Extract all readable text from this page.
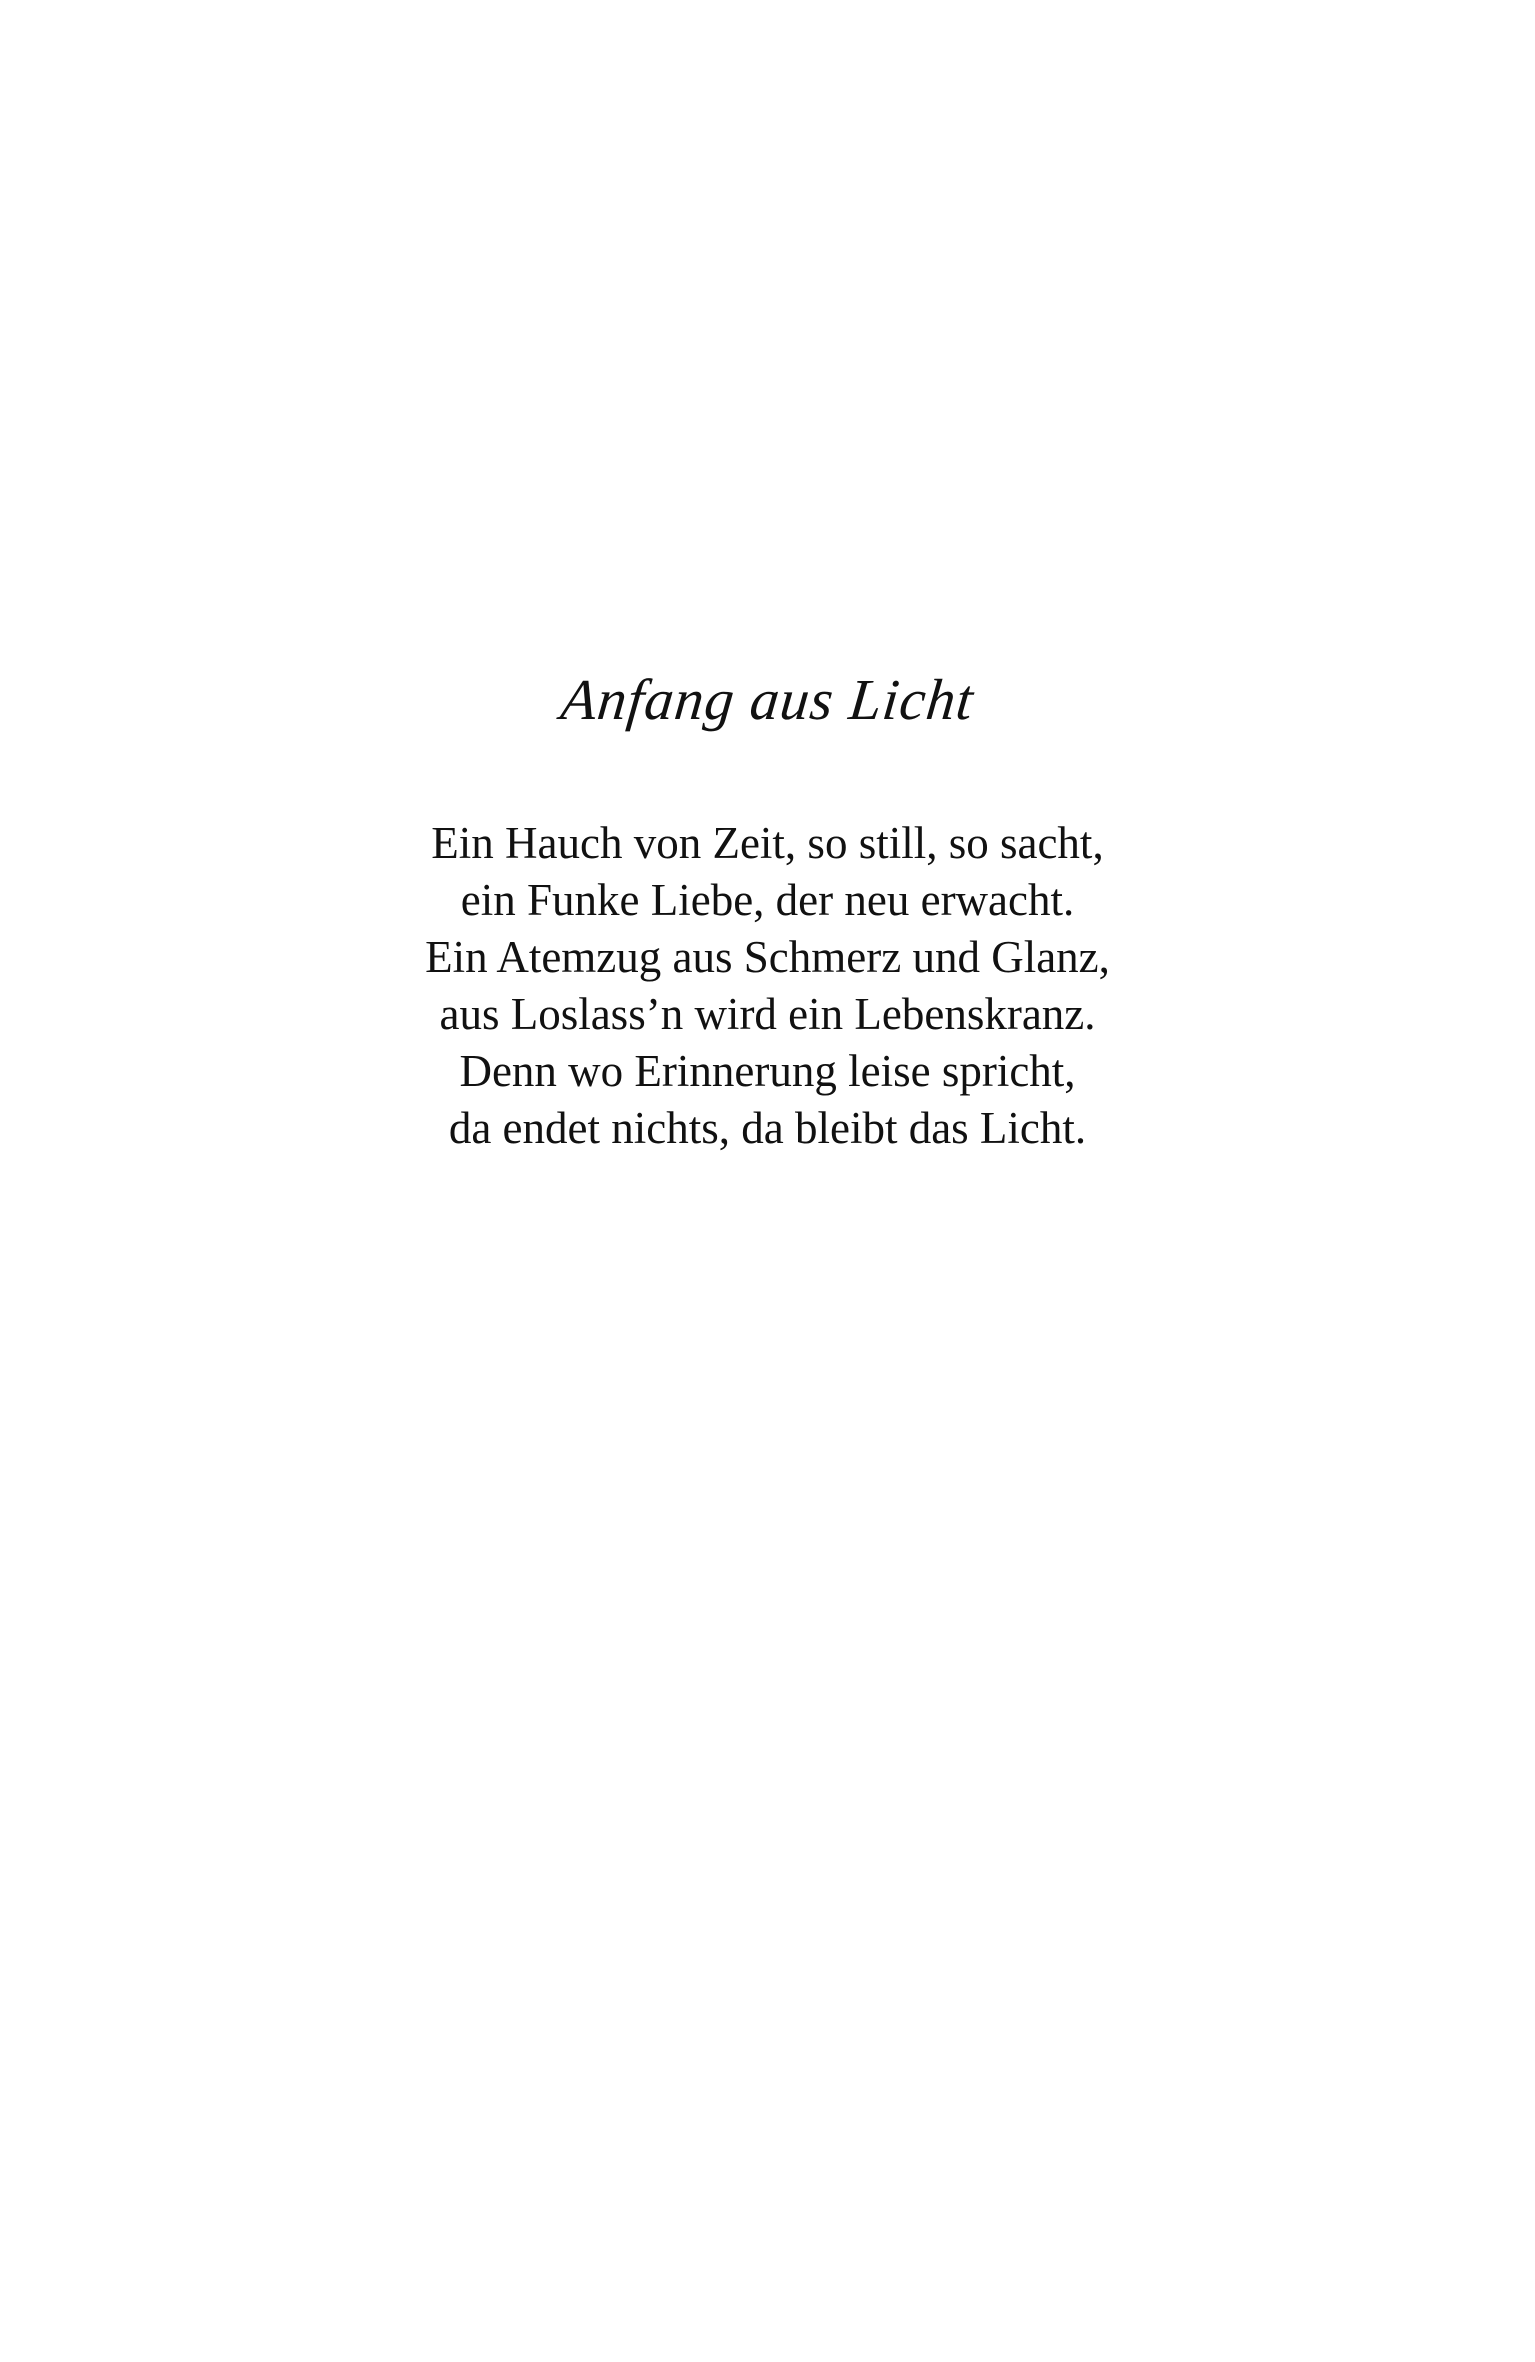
Anfang aus Licht
Ein Hauch von Zeit, so still, so sacht,
ein Funke Liebe, der neu erwacht.
Ein Atemzug aus Schmerz und Glanz,
aus Loslass’n wird ein Lebenskranz.
Denn wo Erinnerung leise spricht,
da endet nichts, da bleibt das Licht.
